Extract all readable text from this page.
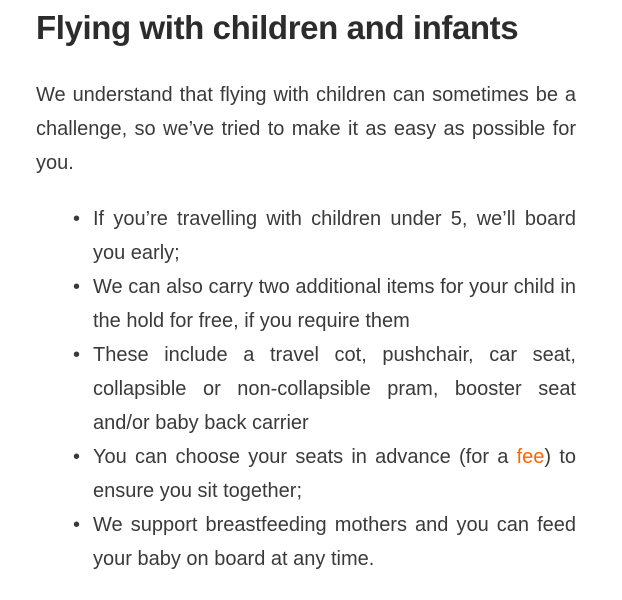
Flying with children and infants

We understand that flying with children can sometimes be a challenge, so we’ve tried to make it as easy as possible for you.

• If you’re travelling with children under 5, we’ll board you early;
• We can also carry two additional items for your child in the hold for free, if you require them
• These include a travel cot, pushchair, car seat, collapsible or non-collapsible pram, booster seat and/or baby back carrier
• You can choose your seats in advance (for a fee) to ensure you sit together;
• We support breastfeeding mothers and you can feed your baby on board at any time.
